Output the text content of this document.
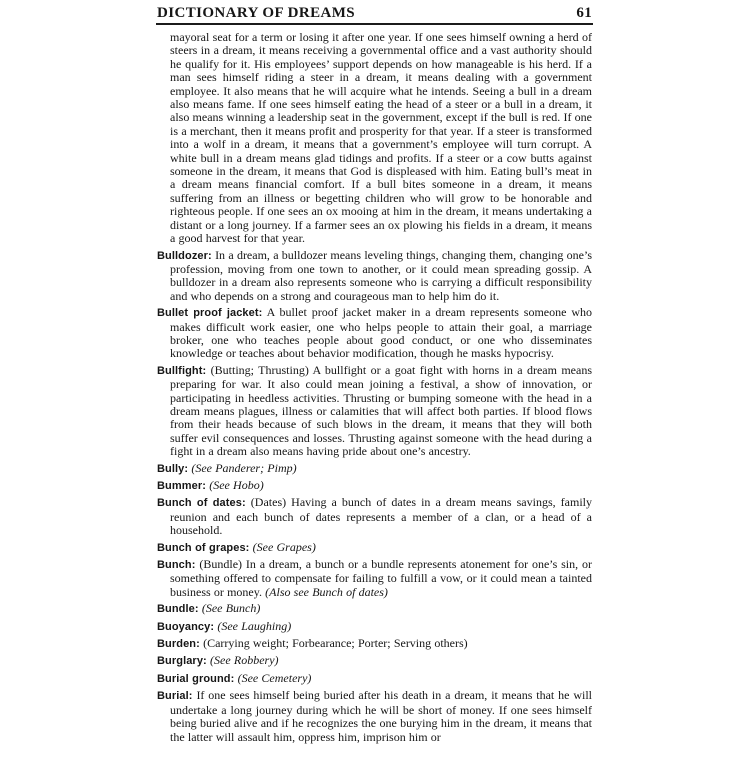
DICTIONARY OF DREAMS	61

mayoral seat for a term or losing it after one year. If one sees himself owning a herd of steers in a dream, it means receiving a governmental office and a vast authority should he qualify for it. His employees’ support depends on how manageable is his herd. If a man sees himself riding a steer in a dream, it means dealing with a government employee. It also means that he will acquire what he intends. Seeing a bull in a dream also means fame. If one sees himself eating the head of a steer or a bull in a dream, it also means winning a leadership seat in the government, except if the bull is red. If one is a merchant, then it means profit and prosperity for that year. If a steer is transformed into a wolf in a dream, it means that a government’s employee will turn corrupt. A white bull in a dream means glad tidings and profits. If a steer or a cow butts against someone in the dream, it means that God is displeased with him. Eating bull’s meat in a dream means financial comfort. If a bull bites someone in a dream, it means suffering from an illness or begetting children who will grow to be honorable and righteous people. If one sees an ox mooing at him in the dream, it means undertaking a distant or a long journey. If a farmer sees an ox plowing his fields in a dream, it means a good harvest for that year.

Bulldozer: In a dream, a bulldozer means leveling things, changing them, changing one’s profession, moving from one town to another, or it could mean spreading gossip. A bulldozer in a dream also represents someone who is carrying a difficult responsibility and who depends on a strong and courageous man to help him do it.

Bullet proof jacket: A bullet proof jacket maker in a dream represents someone who makes difficult work easier, one who helps people to attain their goal, a marriage broker, one who teaches people about good conduct, or one who disseminates knowledge or teaches about behavior modification, though he masks hypocrisy.

Bullfight: (Butting; Thrusting) A bullfight or a goat fight with horns in a dream means preparing for war. It also could mean joining a festival, a show of innovation, or participating in heedless activities. Thrusting or bumping someone with the head in a dream means plagues, illness or calamities that will affect both parties. If blood flows from their heads because of such blows in the dream, it means that they will both suffer evil consequences and losses. Thrusting against someone with the head during a fight in a dream also means having pride about one’s ancestry.

Bully: (See Panderer; Pimp)

Bummer: (See Hobo)

Bunch of dates: (Dates) Having a bunch of dates in a dream means savings, family reunion and each bunch of dates represents a member of a clan, or a head of a household.

Bunch of grapes: (See Grapes)

Bunch: (Bundle) In a dream, a bunch or a bundle represents atonement for one’s sin, or something offered to compensate for failing to fulfill a vow, or it could mean a tainted business or money. (Also see Bunch of dates)

Bundle: (See Bunch)

Buoyancy: (See Laughing)

Burden: (Carrying weight; Forbearance; Porter; Serving others)

Burglary: (See Robbery)

Burial ground: (See Cemetery)

Burial: If one sees himself being buried after his death in a dream, it means that he will undertake a long journey during which he will be short of money. If one sees himself being buried alive and if he recognizes the one burying him in the dream, it means that the latter will assault him, oppress him, imprison him or
